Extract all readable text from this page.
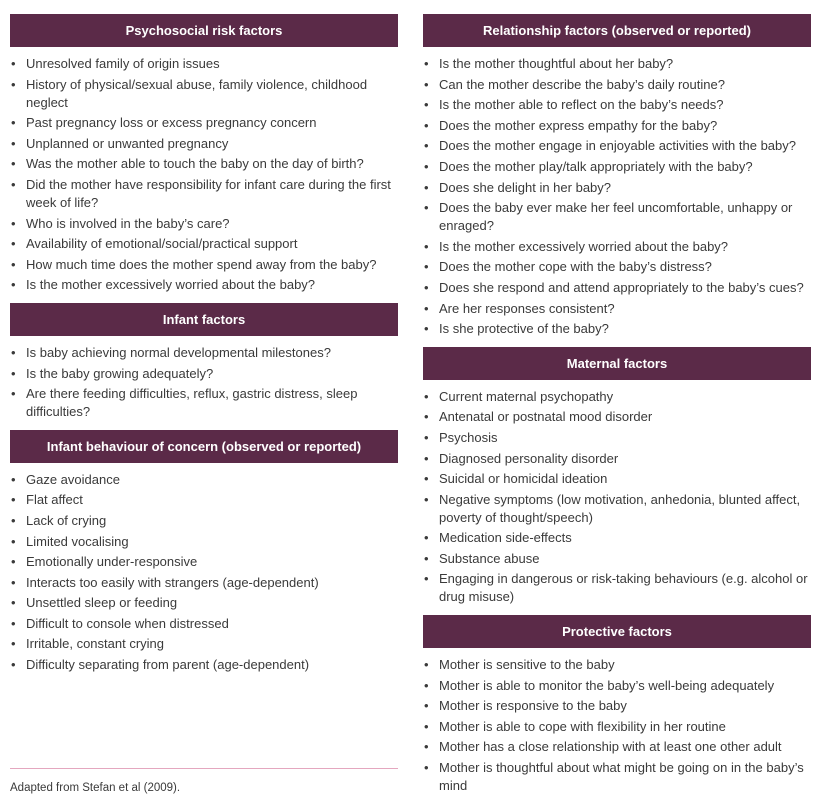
Psychosocial risk factors
• Unresolved family of origin issues
• History of physical/sexual abuse, family violence, childhood neglect
• Past pregnancy loss or excess pregnancy concern
• Unplanned or unwanted pregnancy
• Was the mother able to touch the baby on the day of birth?
• Did the mother have responsibility for infant care during the first week of life?
• Who is involved in the baby’s care?
• Availability of emotional/social/practical support
• How much time does the mother spend away from the baby?
• Is the mother excessively worried about the baby?
Infant factors
• Is baby achieving normal developmental milestones?
• Is the baby growing adequately?
• Are there feeding difficulties, reflux, gastric distress, sleep difficulties?
Infant behaviour of concern (observed or reported)
• Gaze avoidance
• Flat affect
• Lack of crying
• Limited vocalising
• Emotionally under-responsive
• Interacts too easily with strangers (age-dependent)
• Unsettled sleep or feeding
• Difficult to console when distressed
• Irritable, constant crying
• Difficulty separating from parent (age-dependent)
Relationship factors (observed or reported)
• Is the mother thoughtful about her baby?
• Can the mother describe the baby’s daily routine?
• Is the mother able to reflect on the baby’s needs?
• Does the mother express empathy for the baby?
• Does the mother engage in enjoyable activities with the baby?
• Does the mother play/talk appropriately with the baby?
• Does she delight in her baby?
• Does the baby ever make her feel uncomfortable, unhappy or enraged?
• Is the mother excessively worried about the baby?
• Does the mother cope with the baby’s distress?
• Does she respond and attend appropriately to the baby’s cues?
• Are her responses consistent?
• Is she protective of the baby?
Maternal factors
• Current maternal psychopathy
• Antenatal or postnatal mood disorder
• Psychosis
• Diagnosed personality disorder
• Suicidal or homicidal ideation
• Negative symptoms (low motivation, anhedonia, blunted affect, poverty of thought/speech)
• Medication side-effects
• Substance abuse
• Engaging in dangerous or risk-taking behaviours (e.g. alcohol or drug misuse)
Protective factors
• Mother is sensitive to the baby
• Mother is able to monitor the baby’s well-being adequately
• Mother is responsive to the baby
• Mother is able to cope with flexibility in her routine
• Mother has a close relationship with at least one other adult
• Mother is thoughtful about what might be going on in the baby’s mind
Adapted from Stefan et al (2009).
